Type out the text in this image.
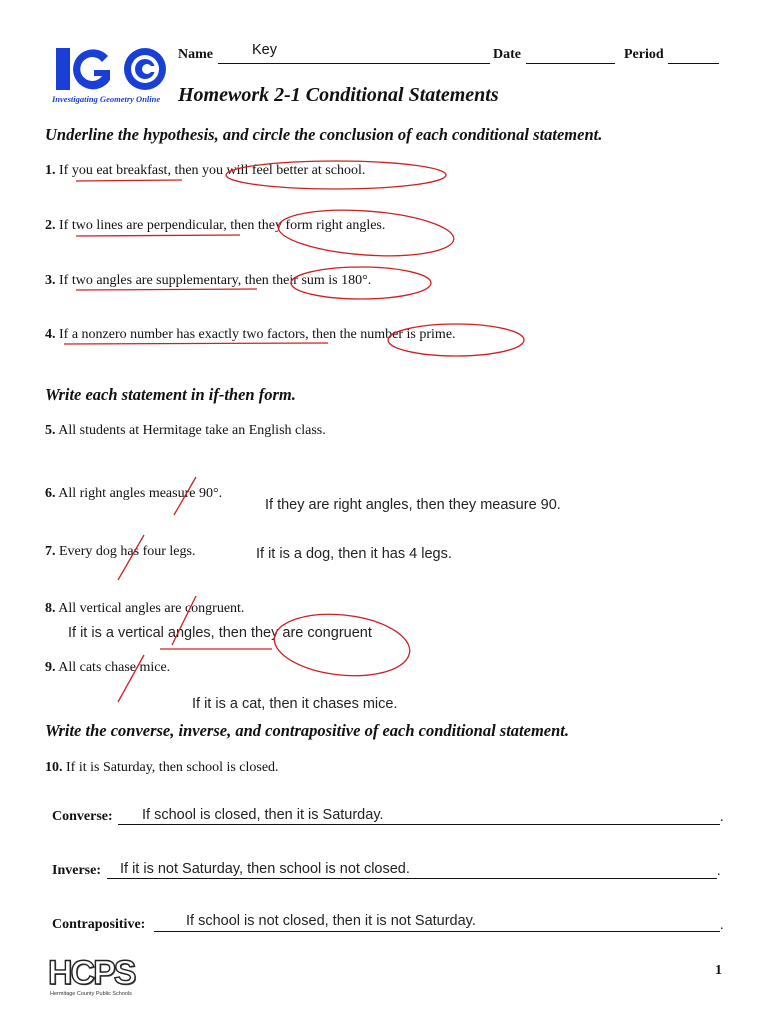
Investigating Geometry Online
Name	Key	Date	Period
Homework 2-1 Conditional Statements
Underline the hypothesis, and circle the conclusion of each conditional statement.
1. If you eat breakfast, then you will feel better at school.
2. If two lines are perpendicular, then they form right angles.
3. If two angles are supplementary, then their sum is 180°.
4. If a nonzero number has exactly two factors, then the number is prime.
Write each statement in if-then form.
5. All students at Hermitage take an English class.
6. All right angles measure 90°.
If they are right angles, then they measure 90.
7. Every dog has four legs.	If it is a dog, then it has 4 legs.
8. All vertical angles are congruent.
If it is a vertical angles, then they are congruent
9. All cats chase mice.
If it is a cat, then it chases mice.
Write the converse, inverse, and contrapositive of each conditional statement.
10. If it is Saturday, then school is closed.
Converse: If school is closed, then it is Saturday.	.
Inverse: If it is not Saturday, then school is not closed.	.
Contrapositive:	If school is not closed, then it is not Saturday.	.
HCPS
Hermitage County Public Schools
1
